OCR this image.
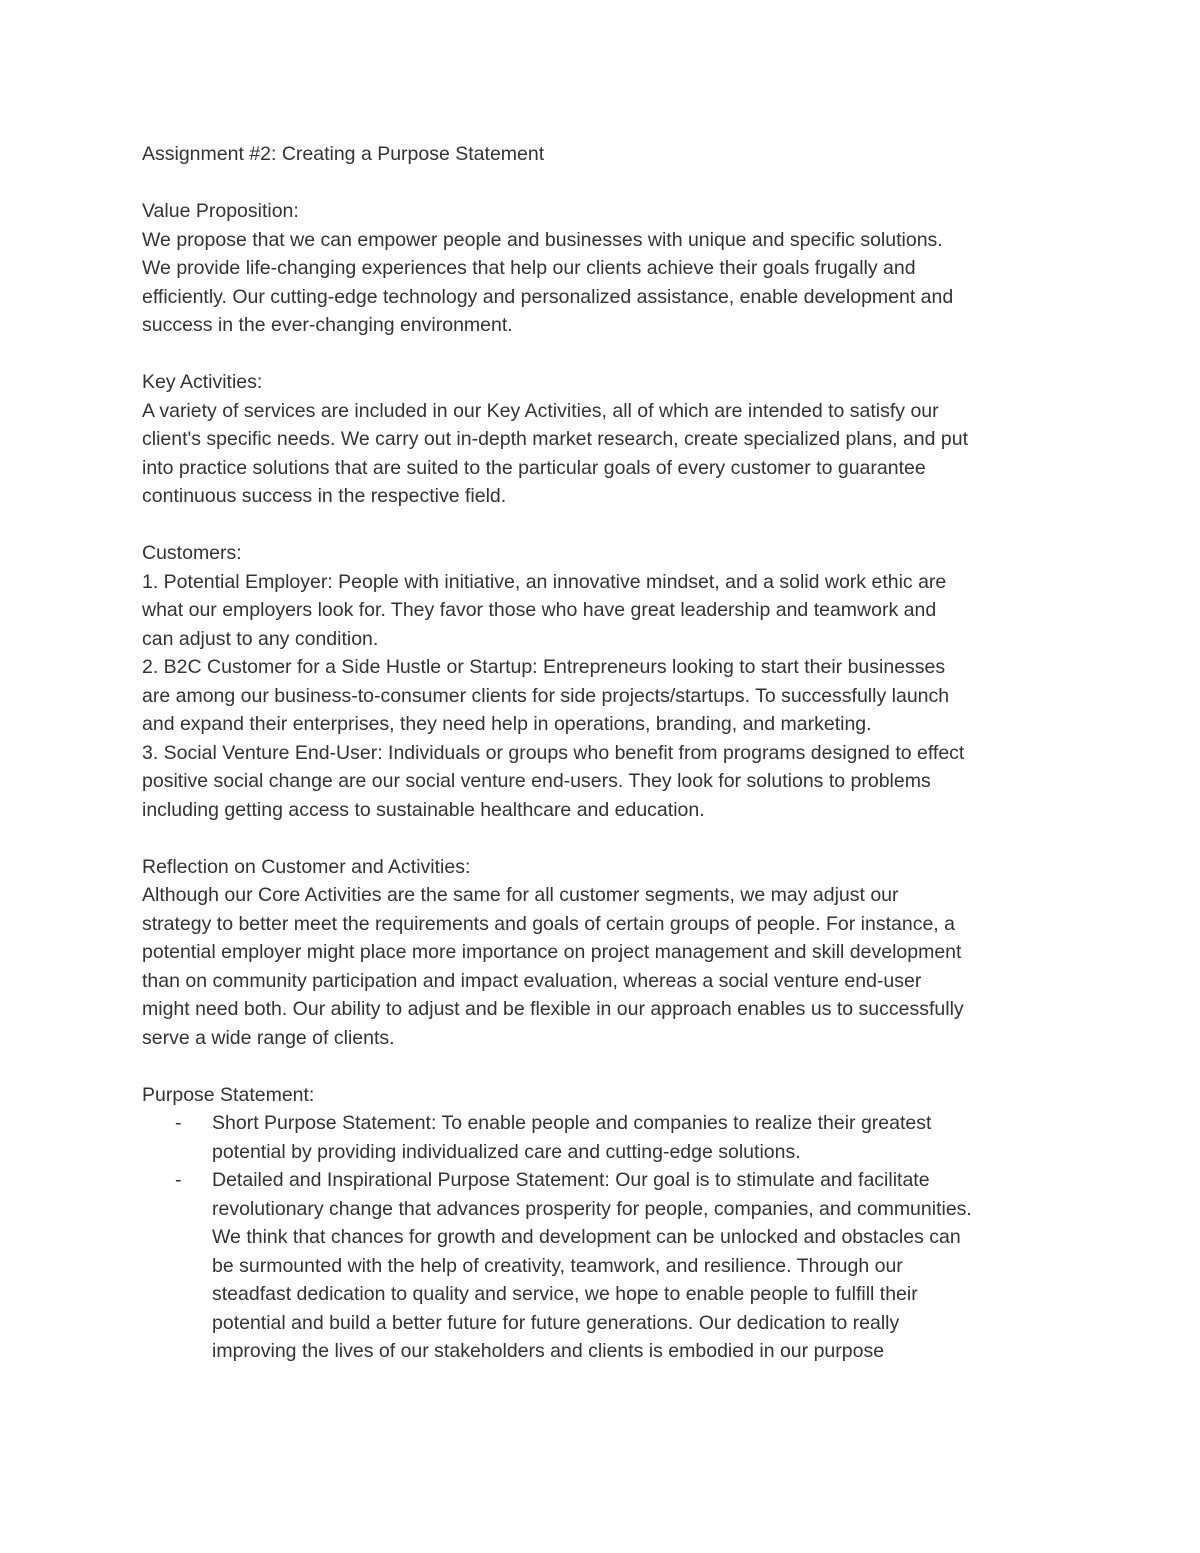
Assignment #2: Creating a Purpose Statement
Value Proposition:
We propose that we can empower people and businesses with unique and specific solutions.
We provide life-changing experiences that help our clients achieve their goals frugally and
efficiently. Our cutting-edge technology and personalized assistance, enable development and
success in the ever-changing environment.
Key Activities:
A variety of services are included in our Key Activities, all of which are intended to satisfy our
client's specific needs. We carry out in-depth market research, create specialized plans, and put
into practice solutions that are suited to the particular goals of every customer to guarantee
continuous success in the respective field.
Customers:
1. Potential Employer: People with initiative, an innovative mindset, and a solid work ethic are
what our employers look for. They favor those who have great leadership and teamwork and
can adjust to any condition.
2. B2C Customer for a Side Hustle or Startup: Entrepreneurs looking to start their businesses
are among our business-to-consumer clients for side projects/startups. To successfully launch
and expand their enterprises, they need help in operations, branding, and marketing.
3. Social Venture End-User: Individuals or groups who benefit from programs designed to effect
positive social change are our social venture end-users. They look for solutions to problems
including getting access to sustainable healthcare and education.
Reflection on Customer and Activities:
Although our Core Activities are the same for all customer segments, we may adjust our
strategy to better meet the requirements and goals of certain groups of people. For instance, a
potential employer might place more importance on project management and skill development
than on community participation and impact evaluation, whereas a social venture end-user
might need both. Our ability to adjust and be flexible in our approach enables us to successfully
serve a wide range of clients.
Purpose Statement:
-	Short Purpose Statement: To enable people and companies to realize their greatest
potential by providing individualized care and cutting-edge solutions.
-	Detailed and Inspirational Purpose Statement: Our goal is to stimulate and facilitate
revolutionary change that advances prosperity for people, companies, and communities.
We think that chances for growth and development can be unlocked and obstacles can
be surmounted with the help of creativity, teamwork, and resilience. Through our
steadfast dedication to quality and service, we hope to enable people to fulfill their
potential and build a better future for future generations. Our dedication to really
improving the lives of our stakeholders and clients is embodied in our purpose
